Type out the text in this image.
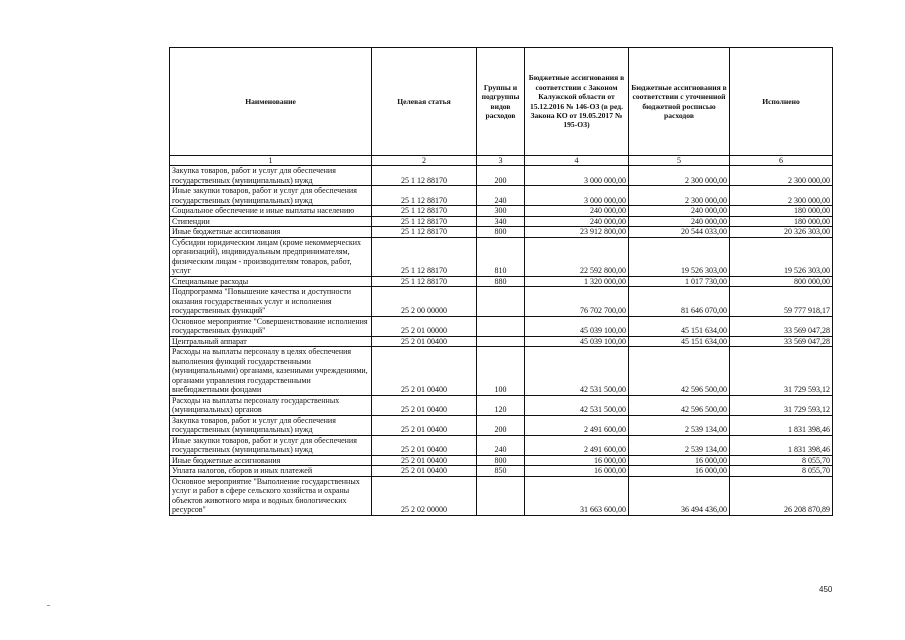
Наименование	Целевая статья	Группы и подгруппы видов расходов	Бюджетные ассигнования в соответствии с Законом Калужской области от 15.12.2016 № 146-ОЗ (в ред. Закона КО от 19.05.2017 № 195-ОЗ)	Бюджетные ассигнования в соответствии с уточненной бюджетной росписью расходов	Исполнено
1	2	3	4	5	6
Закупка товаров, работ и услуг для обеспечения государственных (муниципальных) нужд	25 1 12 88170	200	3 000 000,00	2 300 000,00	2 300 000,00
Иные закупки товаров, работ и услуг для обеспечения государственных (муниципальных) нужд	25 1 12 88170	240	3 000 000,00	2 300 000,00	2 300 000,00
Социальное обеспечение и иные выплаты населению	25 1 12 88170	300	240 000,00	240 000,00	180 000,00
Стипендии	25 1 12 88170	340	240 000,00	240 000,00	180 000,00
Иные бюджетные ассигнования	25 1 12 88170	800	23 912 800,00	20 544 033,00	20 326 303,00
Субсидии юридическим лицам (кроме некоммерческих организаций), индивидуальным предпринимателям, физическим лицам - производителям товаров, работ, услуг	25 1 12 88170	810	22 592 800,00	19 526 303,00	19 526 303,00
Специальные расходы	25 1 12 88170	880	1 320 000,00	1 017 730,00	800 000,00
Подпрограмма "Повышение качества и доступности оказания государственных услуг и исполнения государственных функций"	25 2 00 00000		76 702 700,00	81 646 070,00	59 777 918,17
Основное мероприятие "Совершенствование исполнения государственных функций"	25 2 01 00000		45 039 100,00	45 151 634,00	33 569 047,28
Центральный аппарат	25 2 01 00400		45 039 100,00	45 151 634,00	33 569 047,28
Расходы на выплаты персоналу в целях обеспечения выполнения функций государственными (муниципальными) органами, казенными учреждениями, органами управления государственными внебюджетными фондами	25 2 01 00400	100	42 531 500,00	42 596 500,00	31 729 593,12
Расходы на выплаты персоналу государственных (муниципальных) органов	25 2 01 00400	120	42 531 500,00	42 596 500,00	31 729 593,12
Закупка товаров, работ и услуг для обеспечения государственных (муниципальных) нужд	25 2 01 00400	200	2 491 600,00	2 539 134,00	1 831 398,46
Иные закупки товаров, работ и услуг для обеспечения государственных (муниципальных) нужд	25 2 01 00400	240	2 491 600,00	2 539 134,00	1 831 398,46
Иные бюджетные ассигнования	25 2 01 00400	800	16 000,00	16 000,00	8 055,70
Уплата налогов, сборов и иных платежей	25 2 01 00400	850	16 000,00	16 000,00	8 055,70
Основное мероприятие "Выполнение государственных услуг и работ в сфере сельского хозяйства и охраны объектов животного мира и водных биологических ресурсов"	25 2 02 00000		31 663 600,00	36 494 436,00	26 208 870,89
450
